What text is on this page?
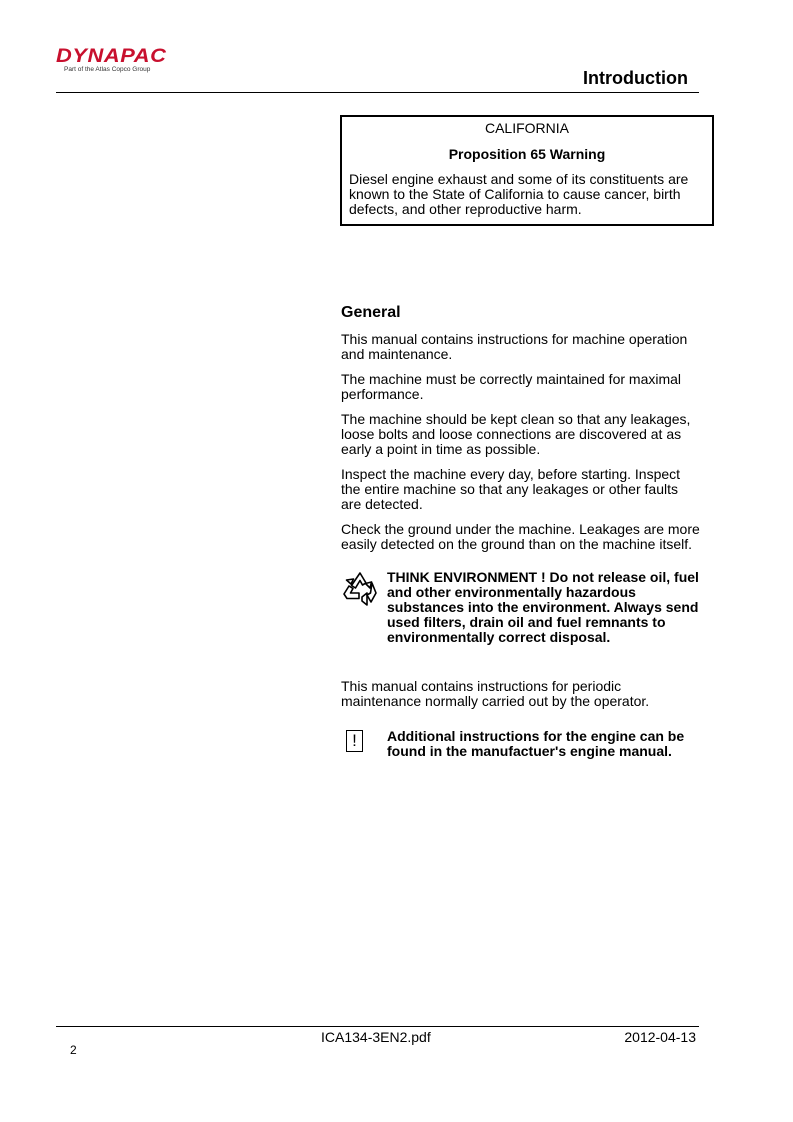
DYNAPAC
Part of the Atlas Copco Group	Introduction
CALIFORNIA
Proposition 65 Warning
Diesel engine exhaust and some of its constituents are known to the State of California to cause cancer, birth defects, and other reproductive harm.
General

This manual contains instructions for machine operation and maintenance.

The machine must be correctly maintained for maximal performance.

The machine should be kept clean so that any leakages, loose bolts and loose connections are discovered at as early a point in time as possible.

Inspect the machine every day, before starting. Inspect the entire machine so that any leakages or other faults are detected.

Check the ground under the machine. Leakages are more easily detected on the ground than on the machine itself.

THINK ENVIRONMENT ! Do not release oil, fuel and other environmentally hazardous substances into the environment. Always send used filters, drain oil and fuel remnants to environmentally correct disposal.

This manual contains instructions for periodic maintenance normally carried out by the operator.

!	Additional instructions for the engine can be found in the manufactuer's engine manual.
ICA134-3EN2.pdf	2012-04-13
2
